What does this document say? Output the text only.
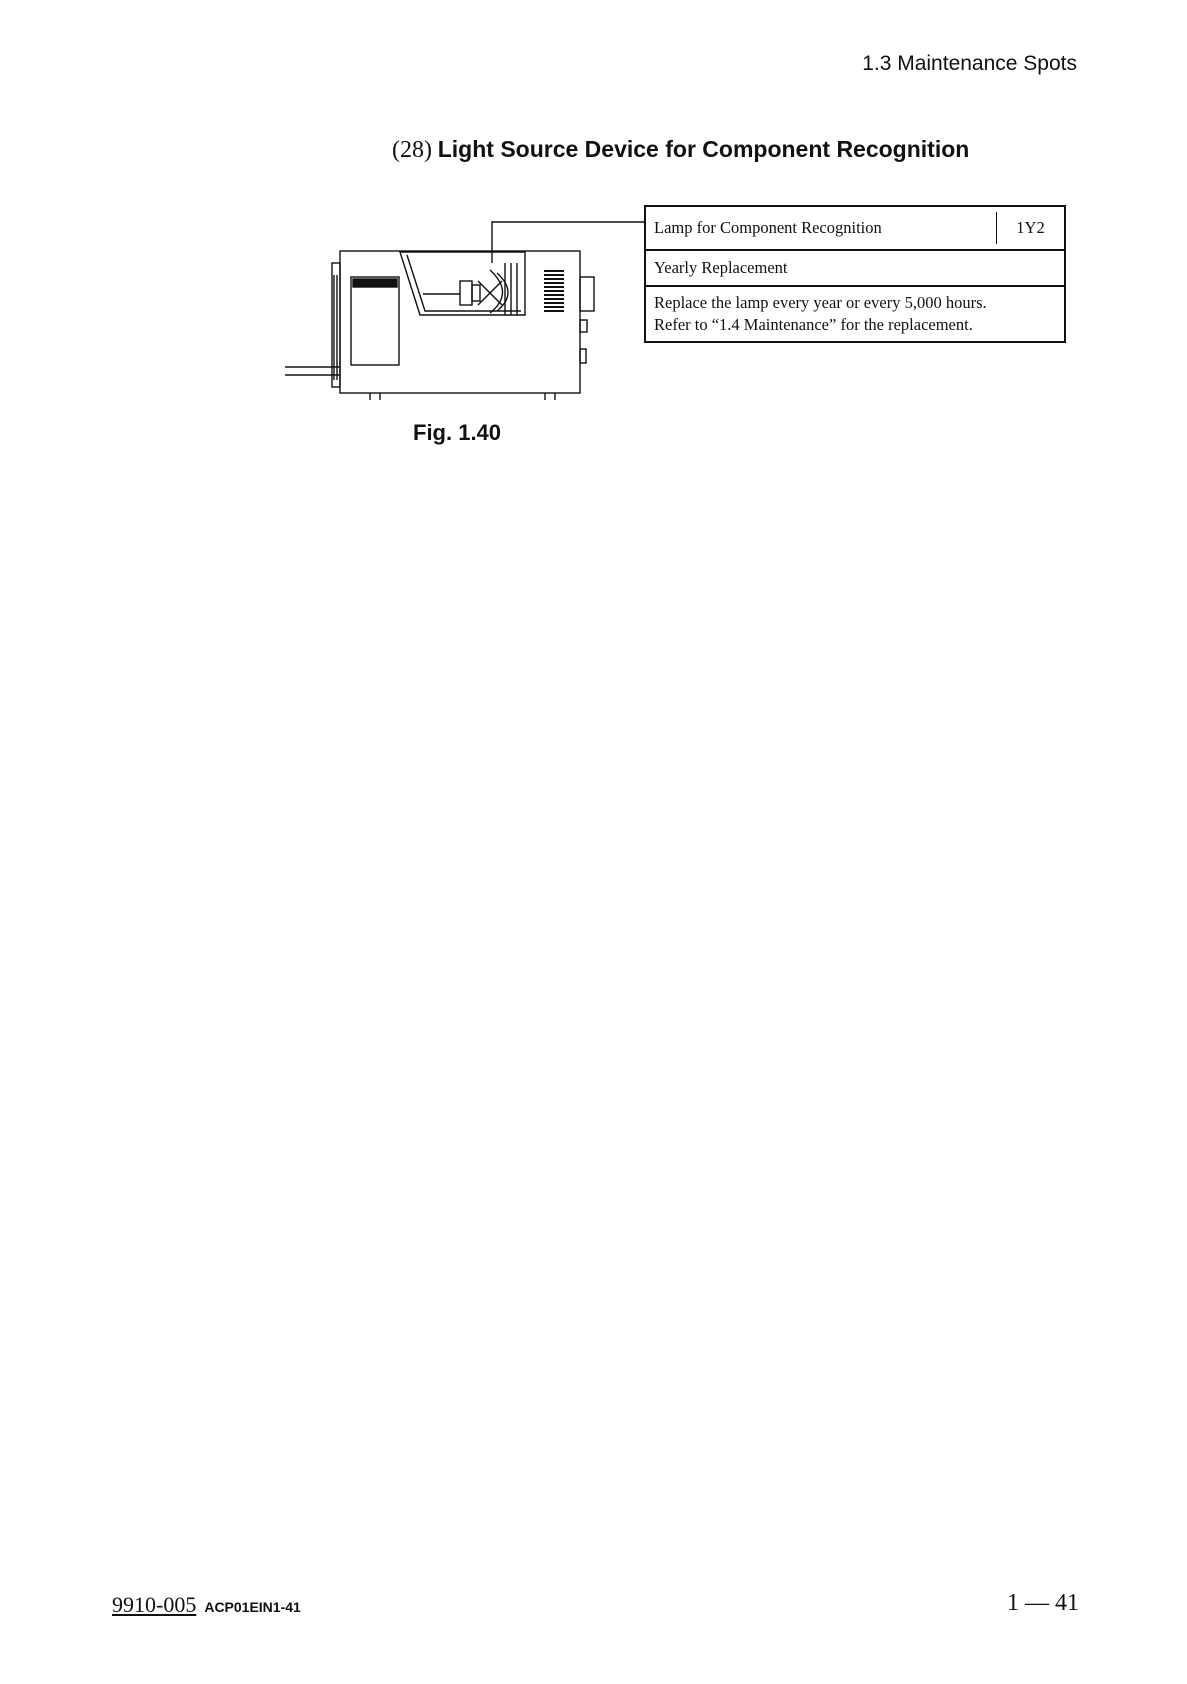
1.3 Maintenance Spots
(28) Light Source Device for Component Recognition
Fig. 1.40
Lamp for Component Recognition	1Y2
Yearly Replacement
Replace the lamp every year or every 5,000 hours.
Refer to “1.4 Maintenance” for the replacement.
9910-005 ACP01EIN1-41	1 — 41
